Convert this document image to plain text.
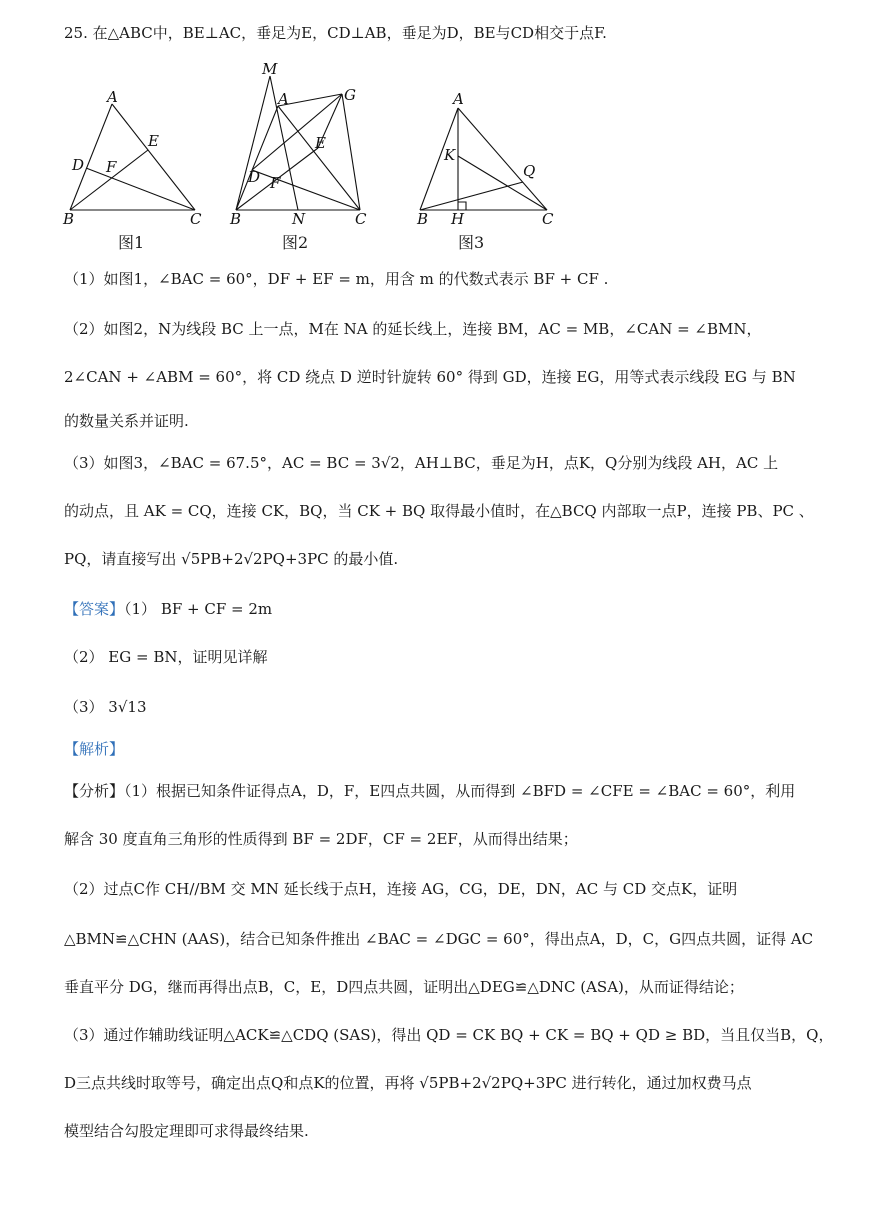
25. 在△ABC中，BE⊥AC，垂足为E，CD⊥AB，垂足为D，BE与CD相交于点F.
A
B	C
D
E
F
M
A	G
E
D F
B	N	C
A
K
Q
B H	C
图1	图2	图3
（1）如图1，∠BAC = 60°，DF + EF = m，用含 m 的代数式表示 BF + CF .
（2）如图2，N为线段 BC 上一点，M在 NA 的延长线上，连接 BM，AC = MB，∠CAN = ∠BMN，
2∠CAN + ∠ABM = 60°，将 CD 绕点 D 逆时针旋转 60° 得到 GD，连接 EG，用等式表示线段 EG 与 BN
的数量关系并证明.
（3）如图3，∠BAC = 67.5°，AC = BC = 3√2，AH⊥BC，垂足为H，点K，Q分别为线段 AH，AC 上
的动点，且 AK = CQ，连接 CK，BQ，当 CK + BQ 取得最小值时，在△BCQ 内部取一点P，连接 PB、PC 、
PQ，请直接写出 √5PB+2√2PQ+3PC 的最小值.
【答案】（1） BF + CF = 2m
（2） EG = BN，证明见详解
（3） 3√13
【解析】
【分析】（1）根据已知条件证得点A，D，F，E四点共圆，从而得到 ∠BFD = ∠CFE = ∠BAC = 60°，利用
解含 30 度直角三角形的性质得到 BF = 2DF，CF = 2EF，从而得出结果；
（2）过点C作 CH//BM 交 MN 延长线于点H，连接 AG，CG，DE，DN，AC 与 CD 交点K，证明
△BMN≌△CHN (AAS)，结合已知条件推出 ∠BAC = ∠DGC = 60°，得出点A，D，C，G四点共圆，证得 AC
垂直平分 DG，继而再得出点B，C，E，D四点共圆，证明出△DEG≌△DNC (ASA)，从而证得结论；
（3）通过作辅助线证明△ACK≌△CDQ (SAS)，得出 QD = CK BQ + CK = BQ + QD ≥ BD，当且仅当B，Q，
D三点共线时取等号，确定出点Q和点K的位置，再将 √5PB+2√2PQ+3PC 进行转化，通过加权费马点
模型结合勾股定理即可求得最终结果.
